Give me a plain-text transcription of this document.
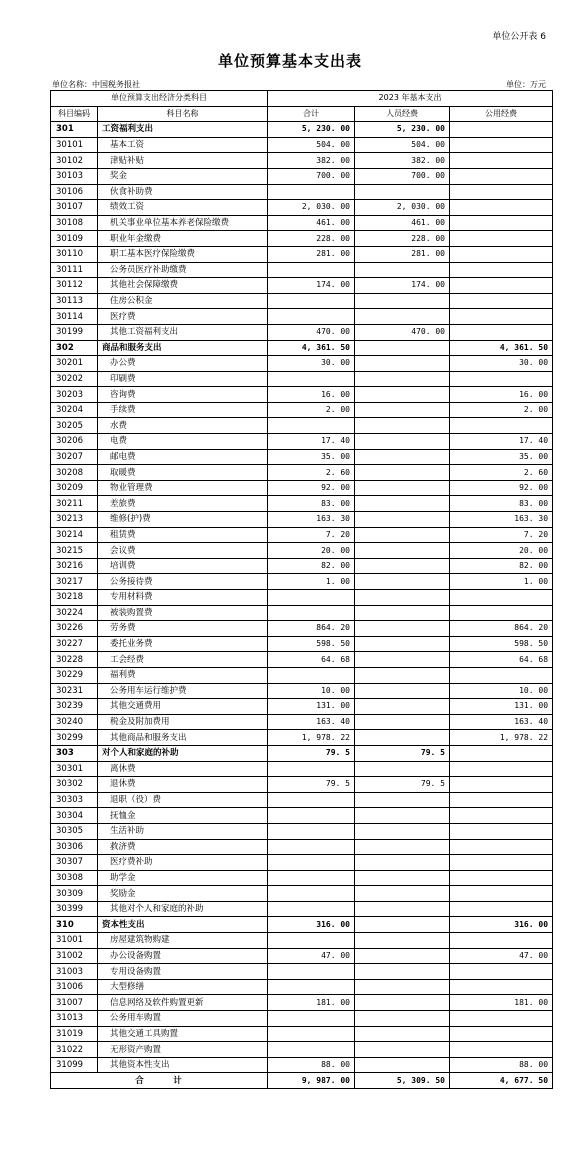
单位公开表 6
单位预算基本支出表
单位名称：中国税务报社	单位：万元
单位预算支出经济分类科目		2023 年基本支出		
科目编码	科目名称	合计	人员经费	公用经费
301	工资福利支出	5, 230. 00	5, 230. 00	
30101	基本工资	504. 00	504. 00	
30102	津贴补贴	382. 00	382. 00	
30103	奖金	700. 00	700. 00	
30106	伙食补助费			
30107	绩效工资	2, 030. 00	2, 030. 00	
30108	机关事业单位基本养老保险缴费	461. 00	461. 00	
30109	职业年金缴费	228. 00	228. 00	
30110	职工基本医疗保险缴费	281. 00	281. 00	
30111	公务员医疗补助缴费			
30112	其他社会保障缴费	174. 00	174. 00	
30113	住房公积金			
30114	医疗费			
30199	其他工资福利支出	470. 00	470. 00	
302	商品和服务支出	4, 361. 50		4, 361. 50
30201	办公费	30. 00		30. 00
30202	印刷费			
30203	咨询费	16. 00		16. 00
30204	手续费	2. 00		2. 00
30205	水费			
30206	电费	17. 40		17. 40
30207	邮电费	35. 00		35. 00
30208	取暖费	2. 60		2. 60
30209	物业管理费	92. 00		92. 00
30211	差旅费	83. 00		83. 00
30213	维修(护)费	163. 30		163. 30
30214	租赁费	7. 20		7. 20
30215	会议费	20. 00		20. 00
30216	培训费	82. 00		82. 00
30217	公务接待费	1. 00		1. 00
30218	专用材料费			
30224	被装购置费			
30226	劳务费	864. 20		864. 20
30227	委托业务费	598. 50		598. 50
30228	工会经费	64. 68		64. 68
30229	福利费			
30231	公务用车运行维护费	10. 00		10. 00
30239	其他交通费用	131. 00		131. 00
30240	税金及附加费用	163. 40		163. 40
30299	其他商品和服务支出	1, 978. 22		1, 978. 22
303	对个人和家庭的补助	79. 5	79. 5	
30301	离休费			
30302	退休费	79. 5	79. 5	
30303	退职（役）费			
30304	抚恤金			
30305	生活补助			
30306	救济费			
30307	医疗费补助			
30308	助学金			
30309	奖励金			
30399	其他对个人和家庭的补助			
310	资本性支出	316. 00		316. 00
31001	房屋建筑物购建			
31002	办公设备购置	47. 00		47. 00
31003	专用设备购置			
31006	大型修缮			
31007	信息网络及软件购置更新	181. 00		181. 00
31013	公务用车购置			
31019	其他交通工具购置			
31022	无形资产购置			
31099	其他资本性支出	88. 00		88. 00
合　　　计		9, 987. 00	5, 309. 50	4, 677. 50
